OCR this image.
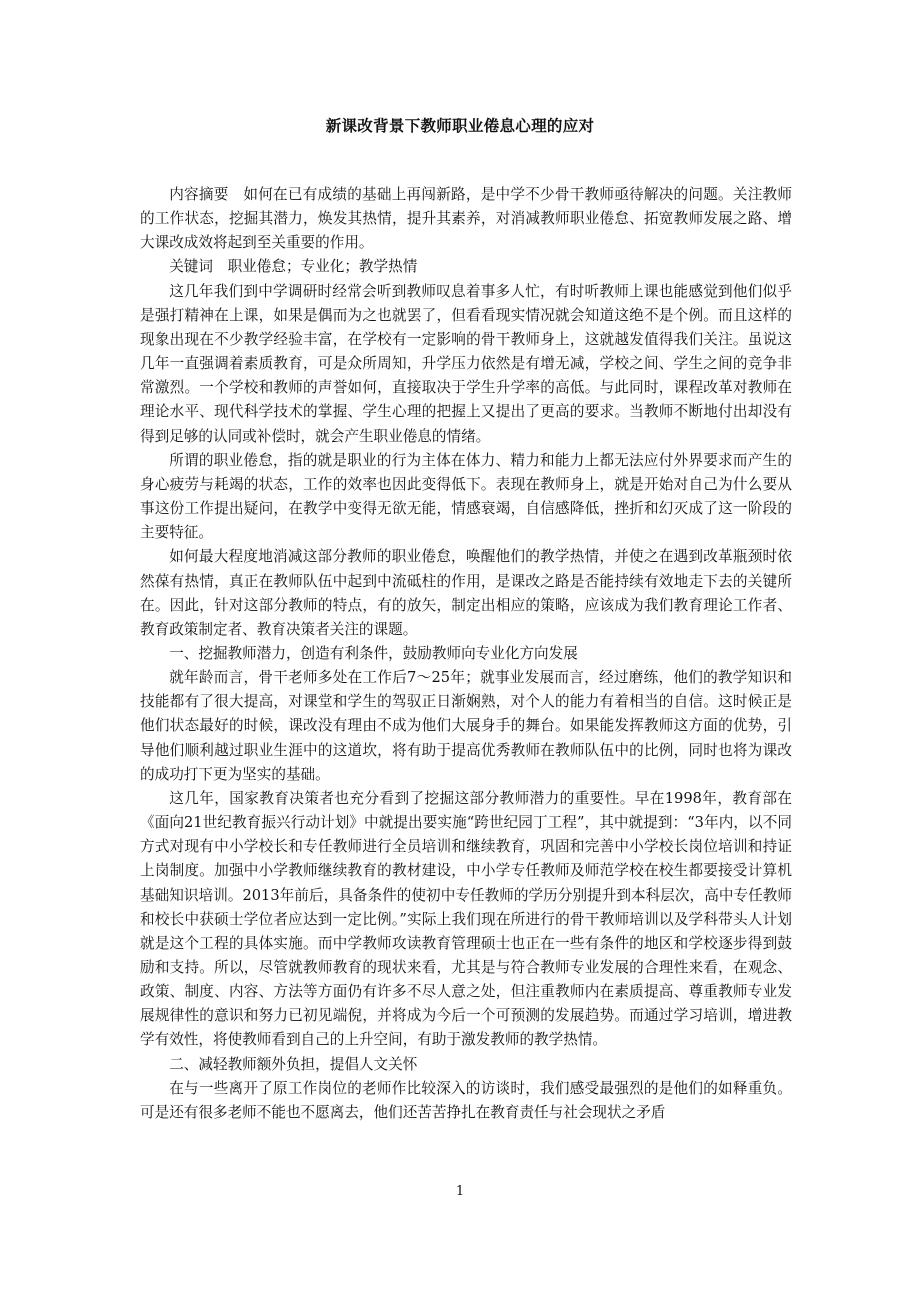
新课改背景下教师职业倦息心理的应对

内容摘要　如何在已有成绩的基础上再闯新路，是中学不少骨干教师亟待解决的问题。关注教师的工作状态，挖掘其潜力，焕发其热情，提升其素养，对消减教师职业倦怠、拓宽教师发展之路、增大课改成效将起到至关重要的作用。

关键词　职业倦怠；专业化；教学热情

这几年我们到中学调研时经常会听到教师叹息着事多人忙，有时听教师上课也能感觉到他们似乎是强打精神在上课，如果是偶而为之也就罢了，但看看现实情况就会知道这绝不是个例。而且这样的现象出现在不少教学经验丰富，在学校有一定影响的骨干教师身上，这就越发值得我们关注。虽说这几年一直强调着素质教育，可是众所周知，升学压力依然是有增无减，学校之间、学生之间的竞争非常激烈。一个学校和教师的声誉如何，直接取决于学生升学率的高低。与此同时，课程改革对教师在理论水平、现代科学技术的掌握、学生心理的把握上又提出了更高的要求。当教师不断地付出却没有得到足够的认同或补偿时，就会产生职业倦息的情绪。

所谓的职业倦怠，指的就是职业的行为主体在体力、精力和能力上都无法应付外界要求而产生的身心疲劳与耗竭的状态，工作的效率也因此变得低下。表现在教师身上，就是开始对自己为什么要从事这份工作提出疑问，在教学中变得无欲无能，情感衰竭，自信感降低，挫折和幻灭成了这一阶段的主要特征。

如何最大程度地消减这部分教师的职业倦怠，唤醒他们的教学热情，并使之在遇到改革瓶颈时依然葆有热情，真正在教师队伍中起到中流砥柱的作用，是课改之路是否能持续有效地走下去的关键所在。因此，针对这部分教师的特点，有的放矢，制定出相应的策略，应该成为我们教育理论工作者、教育政策制定者、教育决策者关注的课题。

一、挖掘教师潜力，创造有利条件，鼓励教师向专业化方向发展

就年龄而言，骨干老师多处在工作后7～25年；就事业发展而言，经过磨练，他们的教学知识和技能都有了很大提高，对课堂和学生的驾驭正日渐娴熟，对个人的能力有着相当的自信。这时候正是他们状态最好的时候，课改没有理由不成为他们大展身手的舞台。如果能发挥教师这方面的优势，引导他们顺利越过职业生涯中的这道坎，将有助于提高优秀教师在教师队伍中的比例，同时也将为课改的成功打下更为坚实的基础。

这几年，国家教育决策者也充分看到了挖掘这部分教师潜力的重要性。早在1998年，教育部在《面向21世纪教育振兴行动计划》中就提出要实施“跨世纪园丁工程”，其中就提到：“3年内，以不同方式对现有中小学校长和专任教师进行全员培训和继续教育，巩固和完善中小学校长岗位培训和持证上岗制度。加强中小学教师继续教育的教材建设，中小学专任教师及师范学校在校生都要接受计算机基础知识培训。2013年前后，具备条件的使初中专任教师的学历分别提升到本科层次，高中专任教师和校长中获硕士学位者应达到一定比例。”实际上我们现在所进行的骨干教师培训以及学科带头人计划就是这个工程的具体实施。而中学教师攻读教育管理硕士也正在一些有条件的地区和学校逐步得到鼓励和支持。所以，尽管就教师教育的现状来看，尤其是与符合教师专业发展的合理性来看，在观念、政策、制度、内容、方法等方面仍有许多不尽人意之处，但注重教师内在素质提高、尊重教师专业发展规律性的意识和努力已初见端倪，并将成为今后一个可预测的发展趋势。而通过学习培训，增进教学有效性，将使教师看到自己的上升空间，有助于激发教师的教学热情。

二、减轻教师额外负担，提倡人文关怀

在与一些离开了原工作岗位的老师作比较深入的访谈时，我们感受最强烈的是他们的如释重负。可是还有很多老师不能也不愿离去，他们还苦苦挣扎在教育责任与社会现状之矛盾

1
